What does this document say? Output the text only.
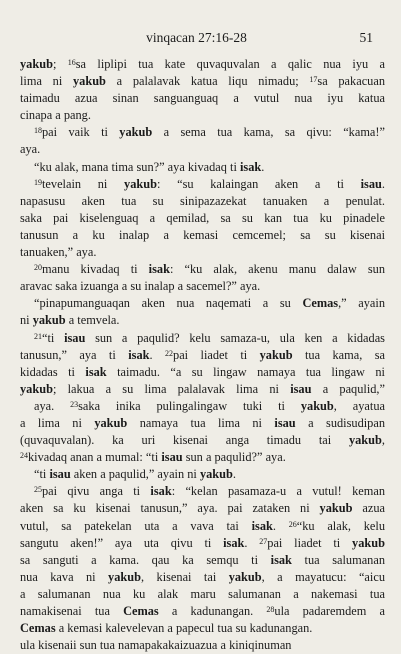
vinqacan 27:16-28	51

yakub; $^{16}$sa liplipi tua kate quvaquvalan a qalic nua iyu a

lima ni yakub a palalavak katua liqu nimadu; $^{17}$sa pakacuan

taimadu azua sinan sanguanguaq a vutul nua iyu katua

cinapa a pang.

$^{18}$pai vaik ti yakub a sema tua kama, sa qivu: “kama!”

aya.

“ku alak, mana tima sun?” aya kivadaq ti isak.

$^{19}$tevelain ni yakub: “su kalaingan aken a ti isau.

napasusu aken tua su sinipazazekat tanuaken a penulat.

saka pai kiselenguaq a qemilad, sa su kan tua ku pinadele

tanusun a ku inalap a kemasi cemcemel; sa su kisenai

tanuaken,” aya.

$^{20}$manu kivadaq ti isak: “ku alak, akenu manu dalaw sun

aravac saka izuanga a su inalap a sacemel?” aya.

“pinapumanguaqan aken nua naqemati a su Cemas,” ayain

ni yakub a temvela.

$^{21}$“ti isau sun a paqulid? kelu samaza-u, ula ken a kidadas

tanusun,” aya ti isak. $^{22}$pai liadet ti yakub tua kama, sa

kidadas ti isak taimadu. “a su lingaw namaya tua lingaw ni

yakub; lakua a su lima palalavak lima ni isau a paqulid,”

aya. $^{23}$saka inika pulingalingaw tuki ti yakub, ayatua

a lima ni yakub namaya tua lima ni isau a sudisudipan

(quvaquvalan). ka uri kisenai anga timadu tai yakub,

$^{24}$kivadaq anan a mumal: “ti isau sun a paqulid?” aya.

“ti isau aken a paqulid,” ayain ni yakub.

$^{25}$pai qivu anga ti isak: “kelan pasamaza-u a vutul! keman

aken sa ku kisenai tanusun,” aya. pai zataken ni yakub azua

vutul, sa patekelan uta a vava tai isak. $^{26}$“ku alak, kelu

sangutu aken!” aya uta qivu ti isak. $^{27}$pai liadet ti yakub

sa sanguti a kama. qau ka semqu ti isak tua salumanan

nua kava ni yakub, kisenai tai yakub, a mayatucu: “aicu

a salumanan nua ku alak maru salumanan a nakemasi tua

namakisenai tua Cemas a kadunangan. $^{28}$ula padaremdem a

Cemas a kemasi kalevelevan a papecul tua su kadunangan.

ula kisenaii sun tua namapakakaizuazua a kiniqinuman
